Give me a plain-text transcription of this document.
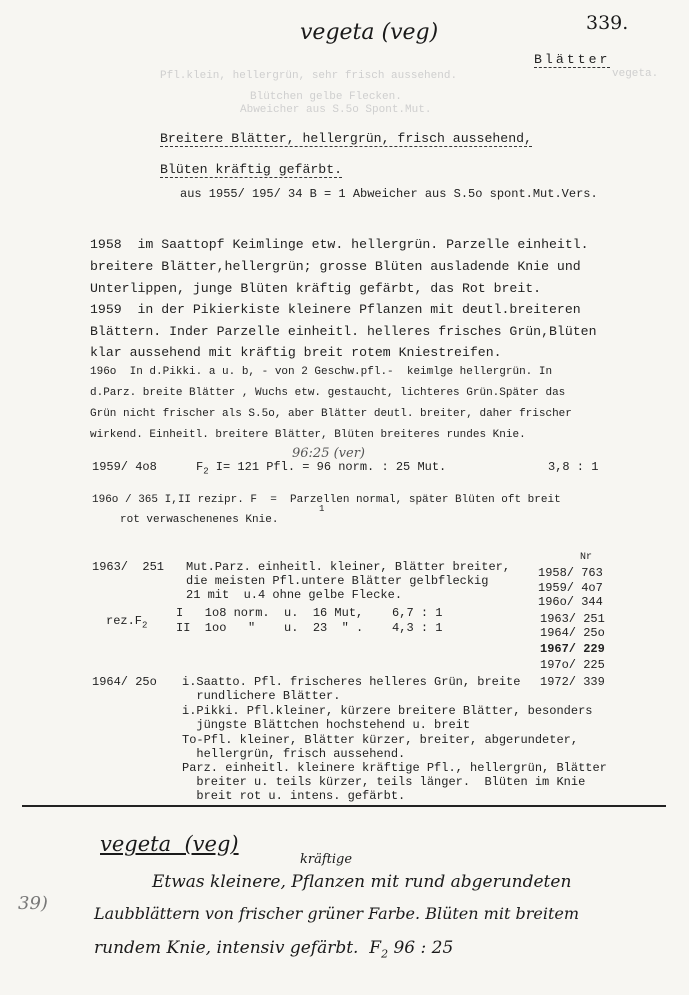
vegeta.
Pfl.klein, hellergrün, sehr frisch aussehend.
Blütchen gelbe Flecken.
Abweicher aus S.5o Spont.Mut.
vegeta (veg)	339.
Blätter
Breitere Blätter, hellergrün, frisch aussehend,
Blüten kräftig gefärbt.
aus 1955/ 195/ 34 B = 1 Abweicher aus S.5o spont.Mut.Vers.
1958  im Saattopf Keimlinge etw. hellergrün. Parzelle einheitl.
breitere Blätter,hellergrün; grosse Blüten ausladende Knie und
Unterlippen, junge Blüten kräftig gefärbt, das Rot breit.
1959  in der Pikierkiste kleinere Pflanzen mit deutl.breiteren
Blättern. Inder Parzelle einheitl. helleres frisches Grün,Blüten
klar aussehend mit kräftig breit rotem Kniestreifen.
196o  In d.Pikki. a u. b, - von 2 Geschw.pfl.-  keimlge hellergrün. In
d.Parz. breite Blätter , Wuchs etw. gestaucht, lichteres Grün.Später das
Grün nicht frischer als S.5o, aber Blätter deutl. breiter, daher frischer
wirkend. Einheitl. breitere Blätter, Blüten breiteres rundes Knie.
1959/ 4o8	$F_2$ I= 121 Pfl. = 96 norm. : 25 Mut.	3,8 : 1
96:25 (ver)
196o / 365 I,II rezipr. F  =  Parzellen normal, später Blüten oft breit
1
rot verwaschenenes Knie.
1963/  251 Mut.Parz. einheitl. kleiner, Blätter breiter,
die meisten Pfl.untere Blätter gelbfleckig
21 mit  u.4 ohne gelbe Flecke.
$rez.F_2$
I   1o8 norm.  u.  16 Mut,    6,7 : 1
II  1oo   "    u.  23  " .    4,3 : 1
Nr
1958/ 763
1959/ 4o7
196o/ 344
1963/ 251
1964/ 25o
1967/ 229
197o/ 225
1972/ 339
1964/ 25o i.Saatto. Pfl. frischeres helleres Grün, breite
rundlichere Blätter.
i.Pikki. Pfl.kleiner, kürzere breitere Blätter, besonders
jüngste Blättchen hochstehend u. breit
To-Pfl. kleiner, Blätter kürzer, breiter, abgerundeter,
hellergrün, frisch aussehend.
Parz. einheitl. kleinere kräftige Pfl., hellergrün, Blätter
breiter u. teils kürzer, teils länger.  Blüten im Knie
breit rot u. intens. gefärbt.
vegeta  (veg)
kräftige
Etwas kleinere, Pflanzen mit rund abgerundeten
Laubblättern von frischer grüner Farbe. Blüten mit breitem
rundem Knie, intensiv gefärbt.  $F_2$ 96 : 25
39)
